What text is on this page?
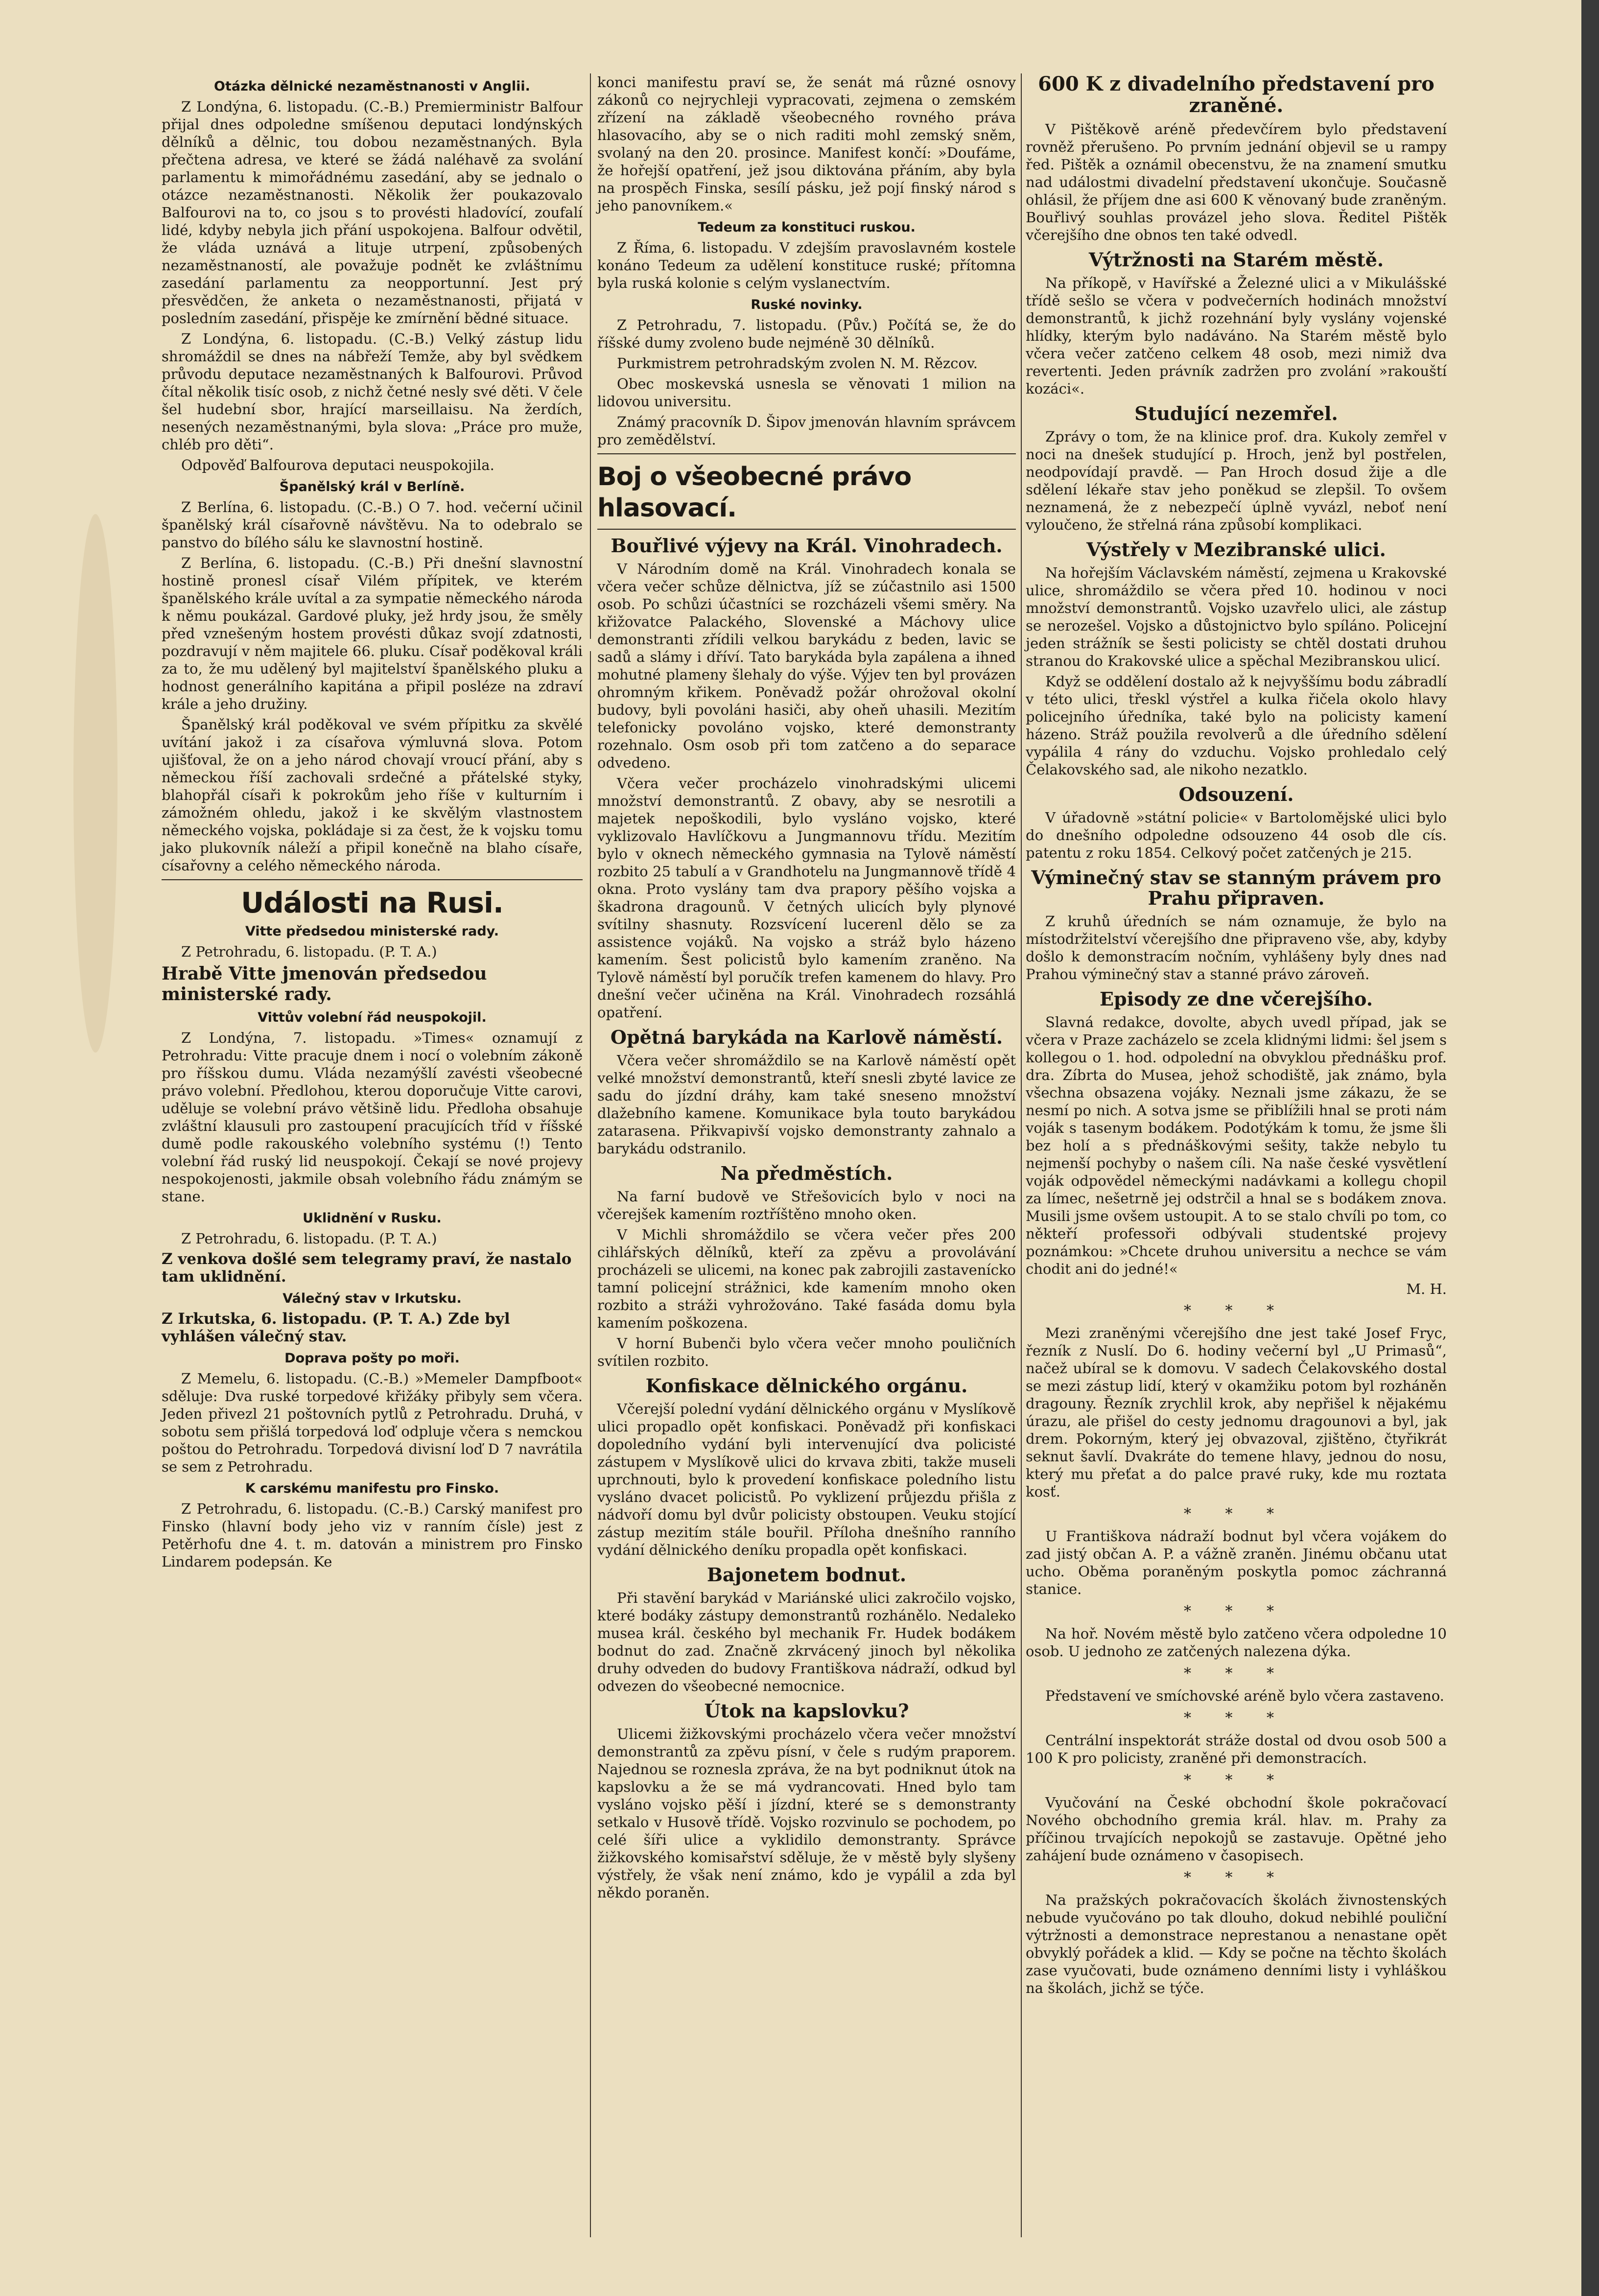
Otázka dělnické nezaměstnanosti v Anglii.

Z Londýna, 6. listopadu. (C.-B.) Premierministr Balfour přijal dnes odpoledne smíšenou deputaci londýnských dělníků a dělnic, tou dobou nezaměstnaných. Byla přečtena adresa, ve které se žádá naléhavě za svolání parlamentu k mimořádnému zasedání, aby se jednalo o otázce nezaměstnanosti. Několik žer poukazovalo Balfourovi na to, co jsou s to provésti hladovící, zoufalí lidé, kdyby nebyla jich přání uspokojena. Balfour odvětil, že vláda uznává a lituje utrpení, způsobených nezaměstnaností, ale považuje podnět ke zvláštnímu zasedání parlamentu za neopportunní. Jest prý přesvědčen, že anketa o nezaměstnanosti, přijatá v posledním zasedání, přispěje ke zmírnění bědné situace.

Z Londýna, 6. listopadu. (C.-B.) Velký zástup lidu shromáždil se dnes na nábřeží Temže, aby byl svědkem průvodu deputace nezaměstnaných k Balfourovi. Průvod čítal několik tisíc osob, z nichž četné nesly své děti. V čele šel hudební sbor, hrající marseillaisu. Na žerdích, nesených nezaměstnanými, byla slova: „Práce pro muže, chléb pro děti“.

Odpověď Balfourova deputaci neuspokojila.

Španělský král v Berlíně.

Z Berlína, 6. listopadu. (C.-B.) O 7. hod. večerní učinil španělský král císařovně návštěvu. Na to odebralo se panstvo do bílého sálu ke slavnostní hostině.

Z Berlína, 6. listopadu. (C.-B.) Při dnešní slavnostní hostině pronesl císař Vilém přípitek, ve kterém španělského krále uvítal a za sympatie německého národa k němu poukázal. Gardové pluky, jež hrdy jsou, že směly před vznešeným hostem provésti důkaz svojí zdatnosti, pozdravují v něm majitele 66. pluku. Císař poděkoval králi za to, že mu udělený byl majitelství španělského pluku a hodnost generálního kapitána a připil posléze na zdraví krále a jeho družiny.

Španělský král poděkoval ve svém přípitku za skvělé uvítání jakož i za císařova výmluvná slova. Potom ujišťoval, že on a jeho národ chovají vroucí přání, aby s německou říší zachovali srdečné a přátelské styky, blahopřál císaři k pokrokům jeho říše v kulturním i zámožném ohledu, jakož i ke skvělým vlastnostem německého vojska, pokládaje si za čest, že k vojsku tomu jako plukovník náleží a připil konečně na blaho císaře, císařovny a celého německého národa.

Události na Rusi.
Vitte předsedou ministerské rady.

Z Petrohradu, 6. listopadu. (P. T. A.)

Hrabě Vitte jmenován předsedou ministerské rady.
Vittův volební řád neuspokojil.

Z Londýna, 7. listopadu. »Times« oznamují z Petrohradu: Vitte pracuje dnem i nocí o volebním zákoně pro říšskou dumu. Vláda nezamýšlí zavésti všeobecné právo volební. Předlohou, kterou doporučuje Vitte carovi, uděluje se volební právo většině lidu. Předloha obsahuje zvláštní klausuli pro zastoupení pracujících tříd v říšské dumě podle rakouského volebního systému (!) Tento volební řád ruský lid neuspokojí. Čekají se nové projevy nespokojenosti, jakmile obsah volebního řádu známým se stane.

Uklidnění v Rusku.

Z Petrohradu, 6. listopadu. (P. T. A.)

Z venkova došlé sem telegramy praví, že nastalo tam uklidnění.
Válečný stav v Irkutsku.
Z Irkutska, 6. listopadu. (P. T. A.) Zde byl vyhlášen válečný stav.
Doprava pošty po moři.

Z Memelu, 6. listopadu. (C.-B.) »Memeler Dampfboot« sděluje: Dva ruské torpedové křižáky přibyly sem včera. Jeden přivezl 21 poštovních pytlů z Petrohradu. Druhá, v sobotu sem přišlá torpedová loď odpluje včera s nemckou poštou do Petrohradu. Torpedová divisní loď D 7 navrátila se sem z Petrohradu.

K carskému manifestu pro Finsko.

Z Petrohradu, 6. listopadu. (C.-B.) Carský manifest pro Finsko (hlavní body jeho viz v ranním čísle) jest z Petěrhofu dne 4. t. m. datován a ministrem pro Finsko Lindarem podepsán. Ke

konci manifestu praví se, že senát má různé osnovy zákonů co nejrychleji vypracovati, zejmena o zemském zřízení na základě všeobecného rovného práva hlasovacího, aby se o nich raditi mohl zemský sněm, svolaný na den 20. prosince. Manifest končí: »Doufáme, že hořejší opatření, jež jsou diktována přáním, aby byla na prospěch Finska, sesílí pásku, jež pojí finský národ s jeho panovníkem.«

Tedeum za konstituci ruskou.

Z Říma, 6. listopadu. V zdejším pravoslavném kostele konáno Tedeum za udělení konstituce ruské; přítomna byla ruská kolonie s celým vyslanectvím.

Ruské novinky.

Z Petrohradu, 7. listopadu. (Pův.) Počítá se, že do říšské dumy zvoleno bude nejméně 30 dělníků.

Purkmistrem petrohradským zvolen N. M. Rězcov.

Obec moskevská usnesla se věnovati 1 milion na lidovou universitu.

Známý pracovník D. Šipov jmenován hlavním správcem pro zemědělství.

Boj o všeobecné právo hlasovací.
Bouřlivé výjevy na Král. Vinohradech.

V Národním domě na Král. Vinohradech konala se včera večer schůze dělnictva, jíž se zúčastnilo asi 1500 osob. Po schůzi účastníci se rozcházeli všemi směry. Na křižovatce Palackého, Slovenské a Máchovy ulice demonstranti zřídili velkou barykádu z beden, lavic se sadů a slámy i dříví. Tato barykáda byla zapálena a ihned mohutné plameny šlehaly do výše. Výjev ten byl provázen ohromným křikem. Poněvadž požár ohrožoval okolní budovy, byli povoláni hasiči, aby oheň uhasili. Mezitím telefonicky povoláno vojsko, které demonstranty rozehnalo. Osm osob při tom zatčeno a do separace odvedeno.

Včera večer procházelo vinohradskými ulicemi množství demonstrantů. Z obavy, aby se nesrotili a majetek nepoškodili, bylo vysláno vojsko, které vyklizovalo Havlíčkovu a Jungmannovu třídu. Mezitím bylo v oknech německého gymnasia na Tylově náměstí rozbito 25 tabulí a v Grandhotelu na Jungmannově třídě 4 okna. Proto vyslány tam dva prapory pěšího vojska a škadrona dragounů. V četných ulicích byly plynové svítilny shasnuty. Rozsvícení lucerenl dělo se za assistence vojáků. Na vojsko a stráž bylo házeno kamením. Šest policistů bylo kamením zraněno. Na Tylově náměstí byl poručík trefen kamenem do hlavy. Pro dnešní večer učiněna na Král. Vinohradech rozsáhlá opatření.

Opětná barykáda na Karlově náměstí.

Včera večer shromáždilo se na Karlově náměstí opět velké množství demonstrantů, kteří snesli zbyté lavice ze sadu do jízdní dráhy, kam také sneseno množství dlažebního kamene. Komunikace byla touto barykádou zatarasena. Přikvapivší vojsko demonstranty zahnalo a barykádu odstranilo.

Na předměstích.

Na farní budově ve Střešovicích bylo v noci na včerejšek kamením roztříštěno mnoho oken.

V Michli shromáždilo se včera večer přes 200 cihlářských dělníků, kteří za zpěvu a provolávání procházeli se ulicemi, na konec pak zabrojili zastavenícko tamní policejní strážnici, kde kamením mnoho oken rozbito a stráži vyhrožováno. Také fasáda domu byla kamením poškozena.

V horní Bubenči bylo včera večer mnoho pouličních svítilen rozbito.

Konfiskace dělnického orgánu.

Včerejší polední vydání dělnického orgánu v Myslíkově ulici propadlo opět konfiskaci. Poněvadž při konfiskaci dopoledního vydání byli intervenující dva policisté zástupem v Myslíkově ulici do krvava zbiti, takže museli uprchnouti, bylo k provedení konfiskace poledního listu vysláno dvacet policistů. Po vyklizení průjezdu přišla z nádvoří domu byl dvůr policisty obstoupen. Veuku stojící zástup mezitím stále bouřil. Příloha dnešního ranního vydání dělnického deníku propadla opět konfiskaci.

Bajonetem bodnut.

Při stavění barykád v Mariánské ulici zakročilo vojsko, které bodáky zástupy demonstrantů rozhánělo. Nedaleko musea král. českého byl mechanik Fr. Hudek bodákem bodnut do zad. Značně zkrvácený jinoch byl několika druhy odveden do budovy Františkova nádraží, odkud byl odvezen do všeobecné nemocnice.

Útok na kapslovku?

Ulicemi žižkovskými procházelo včera večer množství demonstrantů za zpěvu písní, v čele s rudým praporem. Najednou se roznesla zpráva, že na byt podniknut útok na kapslovku a že se má vydrancovati. Hned bylo tam vysláno vojsko pěší i jízdní, které se s demonstranty setkalo v Husově třídě. Vojsko rozvinulo se pochodem, po celé šíři ulice a vyklidilo demonstranty. Správce žižkovského komisařství sděluje, že v městě byly slyšeny výstřely, že však není známo, kdo je vypálil a zda byl někdo poraněn.

600 K z divadelního představení pro zraněné.

V Pištěkově aréně předevčírem bylo představení rovněž přerušeno. Po prvním jednání objevil se u rampy řed. Pištěk a oznámil obecenstvu, že na znamení smutku nad událostmi divadelní představení ukončuje. Současně ohlásil, že příjem dne asi 600 K věnovaný bude zraněným. Bouřlivý souhlas provázel jeho slova. Ředitel Pištěk včerejšího dne obnos ten také odvedl.

Výtržnosti na Starém městě.

Na příkopě, v Havířské a Železné ulici a v Mikulášské třídě sešlo se včera v podvečerních hodinách množství demonstrantů, k jichž rozehnání byly vyslány vojenské hlídky, kterým bylo nadáváno. Na Starém městě bylo včera večer zatčeno celkem 48 osob, mezi nimiž dva revertenti. Jeden právník zadržen pro zvolání »rakouští kozáci«.

Studující nezemřel.

Zprávy o tom, že na klinice prof. dra. Kukoly zemřel v noci na dnešek studující p. Hroch, jenž byl postřelen, neodpovídají pravdě. — Pan Hroch dosud žije a dle sdělení lékaře stav jeho poněkud se zlepšil. To ovšem neznamená, že z nebezpečí úplně vyvázl, neboť není vyloučeno, že střelná rána způsobí komplikaci.

Výstřely v Mezibranské ulici.

Na hořejším Václavském náměstí, zejmena u Krakovské ulice, shromáždilo se včera před 10. hodinou v noci množství demonstrantů. Vojsko uzavřelo ulici, ale zástup se nerozešel. Vojsko a důstojnictvo bylo spíláno. Policejní jeden strážník se šesti policisty se chtěl dostati druhou stranou do Krakovské ulice a spěchal Mezibranskou ulicí.

Když se oddělení dostalo až k nejvyššímu bodu zábradlí v této ulici, třeskl výstřel a kulka řičela okolo hlavy policejního úředníka, také bylo na policisty kamení házeno. Stráž použila revolverů a dle úředního sdělení vypálila 4 rány do vzduchu. Vojsko prohledalo celý Čelakovského sad, ale nikoho nezatklo.

Odsouzení.

V úřadovně »státní policie« v Bartolomějské ulici bylo do dnešního odpoledne odsouzeno 44 osob dle cís. patentu z roku 1854. Celkový počet zatčených je 215.

Výminečný stav se stanným právem pro Prahu připraven.

Z kruhů úředních se nám oznamuje, že bylo na místodržitelství včerejšího dne připraveno vše, aby, kdyby došlo k demonstracím nočním, vyhlášeny byly dnes nad Prahou výminečný stav a stanné právo zároveň.

Episody ze dne včerejšího.

Slavná redakce, dovolte, abych uvedl případ, jak se včera v Praze zacházelo se zcela klidnými lidmi: šel jsem s kollegou o 1. hod. odpolední na obvyklou přednášku prof. dra. Zíbrta do Musea, jehož schodiště, jak známo, byla všechna obsazena vojáky. Neznali jsme zákazu, že se nesmí po nich. A sotva jsme se přiblížili hnal se proti nám voják s tasenym bodákem. Podotýkám k tomu, že jsme šli bez holí a s přednáškovými sešity, takže nebylo tu nejmenší pochyby o našem cíli. Na naše české vysvětlení voják odpovědel německými nadávkami a kollegu chopil za límec, nešetrně jej odstrčil a hnal se s bodákem znova. Musili jsme ovšem ustoupit. A to se stalo chvíli po tom, co někteří professoři odbývali studentské projevy poznámkou: »Chcete druhou universitu a nechce se vám chodit ani do jedné!«

M. H.
* * *

Mezi zraněnými včerejšího dne jest také Josef Fryc, řezník z Nuslí. Do 6. hodiny večerní byl „U Primasů“, načež ubíral se k domovu. V sadech Čelakovského dostal se mezi zástup lidí, který v okamžiku potom byl rozháněn dragouny. Řezník zrychlil krok, aby nepřišel k nějakému úrazu, ale přišel do cesty jednomu dragounovi a byl, jak drem. Pokorným, který jej obvazoval, zjištěno, čtyřikrát seknut šavlí. Dvakráte do temene hlavy, jednou do nosu, který mu přeťat a do palce pravé ruky, kde mu roztata kosť.

* * *

U Františkova nádraží bodnut byl včera vojákem do zad jistý občan A. P. a vážně zraněn. Jinému občanu utat ucho. Oběma poraněným poskytla pomoc záchranná stanice.

* * *

Na hoř. Novém městě bylo zatčeno včera odpoledne 10 osob. U jednoho ze zatčených nalezena dýka.

* * *

Představení ve smíchovské aréně bylo včera zastaveno.

* * *

Centrální inspektorát stráže dostal od dvou osob 500 a 100 K pro policisty, zraněné při demonstracích.

* * *

Vyučování na České obchodní škole pokračovací Nového obchodního gremia král. hlav. m. Prahy za příčinou trvajících nepokojů se zastavuje. Opětné jeho zahájení bude oznámeno v časopisech.

* * *

Na pražských pokračovacích školách živnostenských nebude vyučováno po tak dlouho, dokud nebihlé pouliční výtržnosti a demonstrace neprestanou a nenastane opět obvyklý pořádek a klid. — Kdy se počne na těchto školách zase vyučovati, bude oznámeno denními listy i vyhláškou na školách, jichž se týče.
